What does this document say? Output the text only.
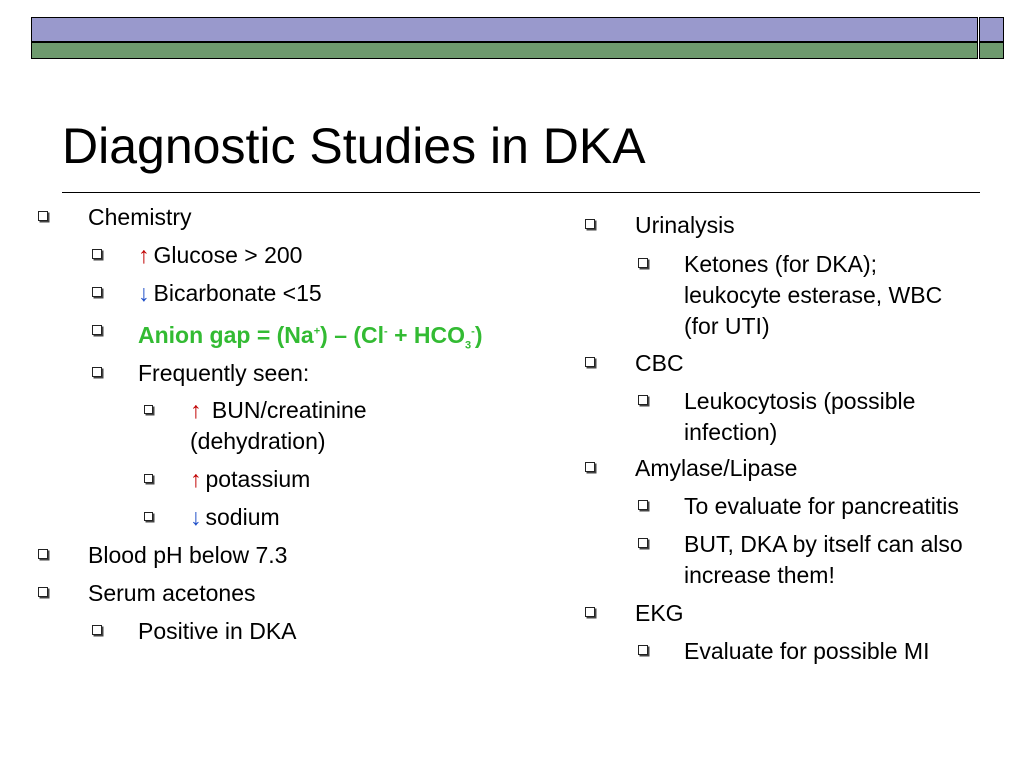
Diagnostic Studies in DKA
Chemistry
↑ Glucose > 200
↓ Bicarbonate <15
Anion gap = $(Na^+) - (Cl^- + HCO_3^-)$
Frequently seen:
↑ BUN/creatinine
(dehydration)
↑ potassium
↓ sodium
Blood pH below 7.3
Serum acetones
Positive in DKA
Urinalysis
Ketones (for DKA);
leukocyte esterase, WBC
(for UTI)
CBC
Leukocytosis (possible
infection)
Amylase/Lipase
To evaluate for pancreatitis
BUT, DKA by itself can also
increase them!
EKG
Evaluate for possible MI
